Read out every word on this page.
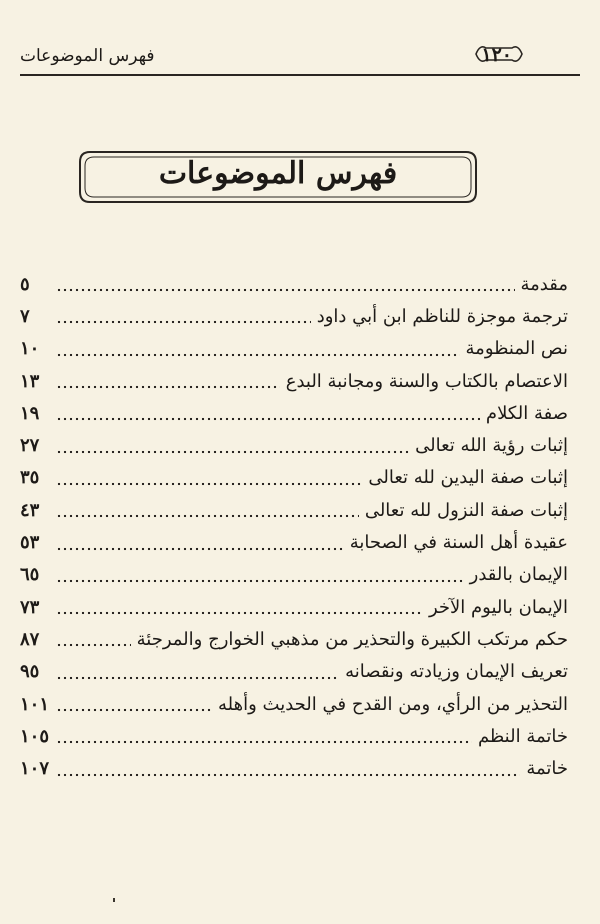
فهرس الموضوعات	١٢٠
فهرس الموضوعات
مقدمة
٥
ترجمة موجزة للناظم ابن أبي داود
٧
نص المنظومة
١٠
الاعتصام بالكتاب والسنة ومجانبة البدع
١٣
صفة الكلام
١٩
إثبات رؤية الله تعالى
٢٧
إثبات صفة اليدين لله تعالى
٣٥
إثبات صفة النزول لله تعالى
٤٣
عقيدة أهل السنة في الصحابة
٥٣
الإيمان بالقدر
٦٥
الإيمان باليوم الآخر
٧٣
حكم مرتكب الكبيرة والتحذير من مذهبي الخوارج والمرجئة
٨٧
تعريف الإيمان وزيادته ونقصانه
٩٥
التحذير من الرأي، ومن القدح في الحديث وأهله
١٠١
خاتمة النظم
١٠٥
خاتمة
١٠٧
